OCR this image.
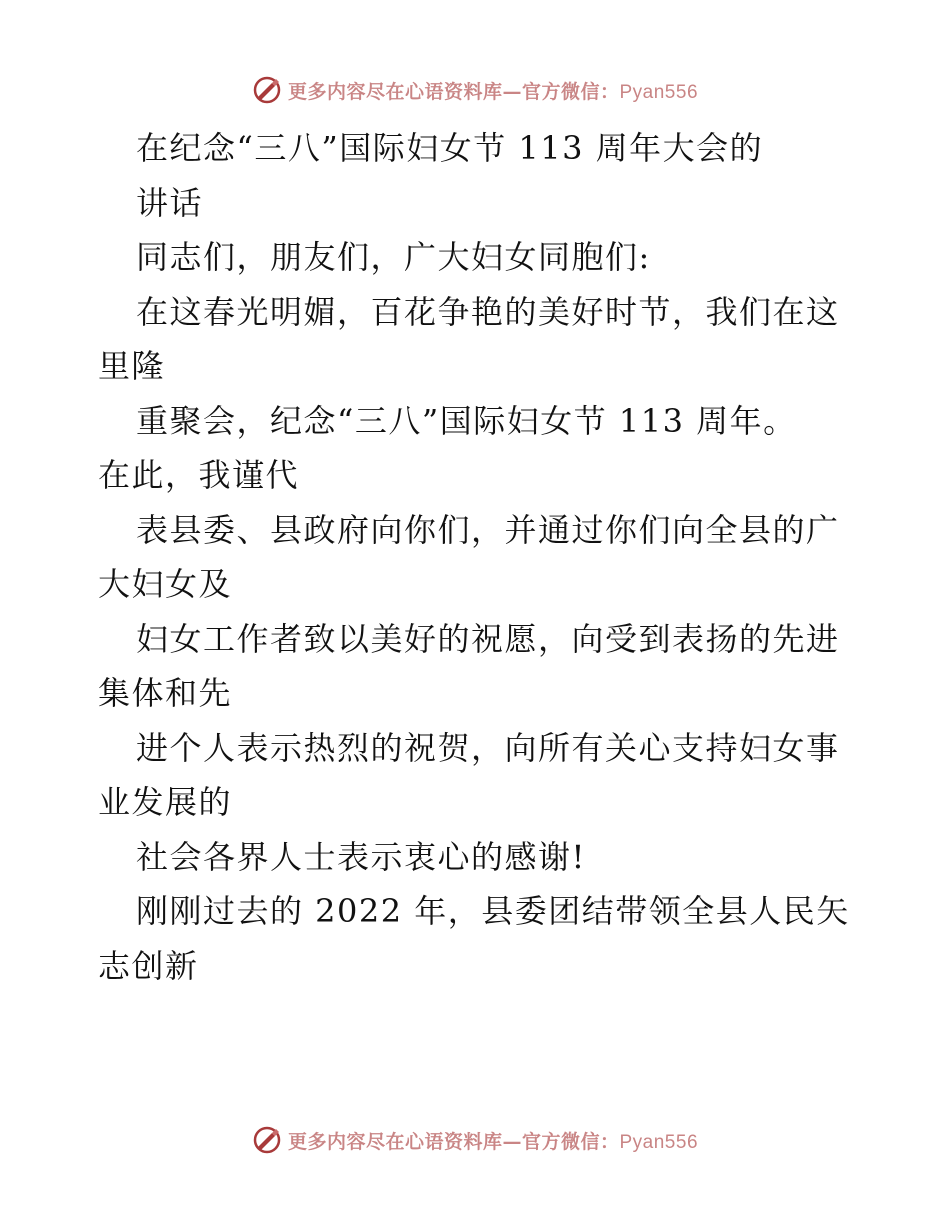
更多内容尽在心语资料库—官方微信：Pyan556
在纪念“三八”国际妇女节 113 周年大会的
讲话
同志们，朋友们，广大妇女同胞们:
在这春光明媚，百花争艳的美好时节，我们在这
里隆
重聚会，纪念“三八”国际妇女节 113 周年。
在此，我谨代
表县委、县政府向你们，并通过你们向全县的广
大妇女及
妇女工作者致以美好的祝愿，向受到表扬的先进
集体和先
进个人表示热烈的祝贺，向所有关心支持妇女事
业发展的
社会各界人士表示衷心的感谢!
刚刚过去的 2022 年，县委团结带领全县人民矢
志创新
更多内容尽在心语资料库—官方微信：Pyan556
